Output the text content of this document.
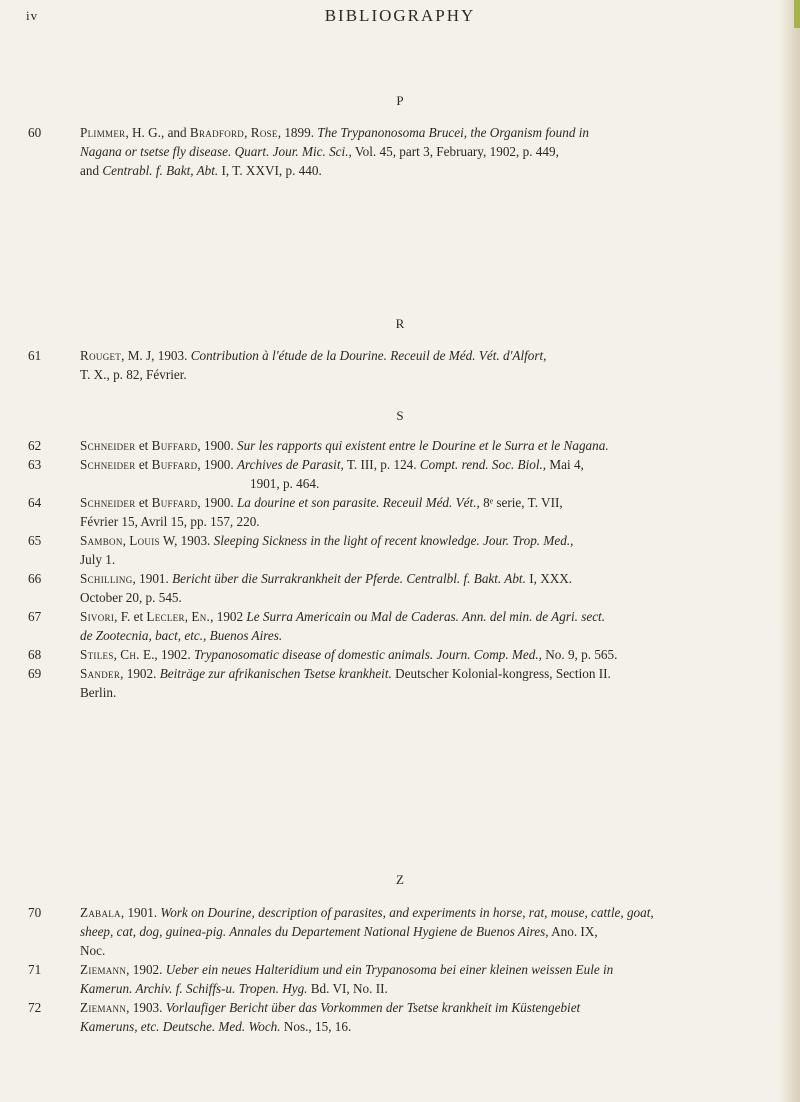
iv	BIBLIOGRAPHY
P
60	Plimmer, H. G., and Bradford, Rose, 1899. The Trypanonosoma Brucei, the Organism found in
Nagana or tsetse fly disease. Quart. Jour. Mic. Sci., Vol. 45, part 3, February, 1902, p. 449,
and Centrabl. f. Bakt, Abt. I, T. XXVI, p. 440.
R
61	Rouget, M. J, 1903. Contribution à l'étude de la Dourine. Receuil de Méd. Vét. d'Alfort,
T. X., p. 82, Février.
S
62	Schneider et Buffard, 1900. Sur les rapports qui existent entre le Dourine et le Surra et le Nagana.
63	Schneider et Buffard, 1900. Archives de Parasit, T. III, p. 124. Compt. rend. Soc. Biol., Mai 4,
1901, p. 464.
64	Schneider et Buffard, 1900. La dourine et son parasite. Receuil Méd. Vét., 8ᵉ serie, T. VII,
Février 15, Avril 15, pp. 157, 220.
65	Sambon, Louis W, 1903. Sleeping Sickness in the light of recent knowledge. Jour. Trop. Med.,
July 1.
66	Schilling, 1901. Bericht über die Surrakrankheit der Pferde. Centralbl. f. Bakt. Abt. I, XXX.
October 20, p. 545.
67	Sivori, F. et Lecler, En., 1902 Le Surra Americain ou Mal de Caderas. Ann. del min. de Agri. sect.
de Zootecnia, bact, etc., Buenos Aires.
68	Stiles, Ch. E., 1902. Trypanosomatic disease of domestic animals. Journ. Comp. Med., No. 9, p. 565.
69	Sander, 1902. Beiträge zur afrikanischen Tsetse krankheit. Deutscher Kolonial-kongress, Section II.
Berlin.
Z
70	Zabala, 1901. Work on Dourine, description of parasites, and experiments in horse, rat, mouse, cattle, goat,
sheep, cat, dog, guinea-pig. Annales du Departement National Hygiene de Buenos Aires, Ano. IX,
Noc.
71	Ziemann, 1902. Ueber ein neues Halteridium und ein Trypanosoma bei einer kleinen weissen Eule in
Kamerun. Archiv. f. Schiffs-u. Tropen. Hyg. Bd. VI, No. II.
72	Ziemann, 1903. Vorlaufiger Bericht über das Vorkommen der Tsetse krankheit im Küstengebiet
Kameruns, etc. Deutsche. Med. Woch. Nos., 15, 16.
